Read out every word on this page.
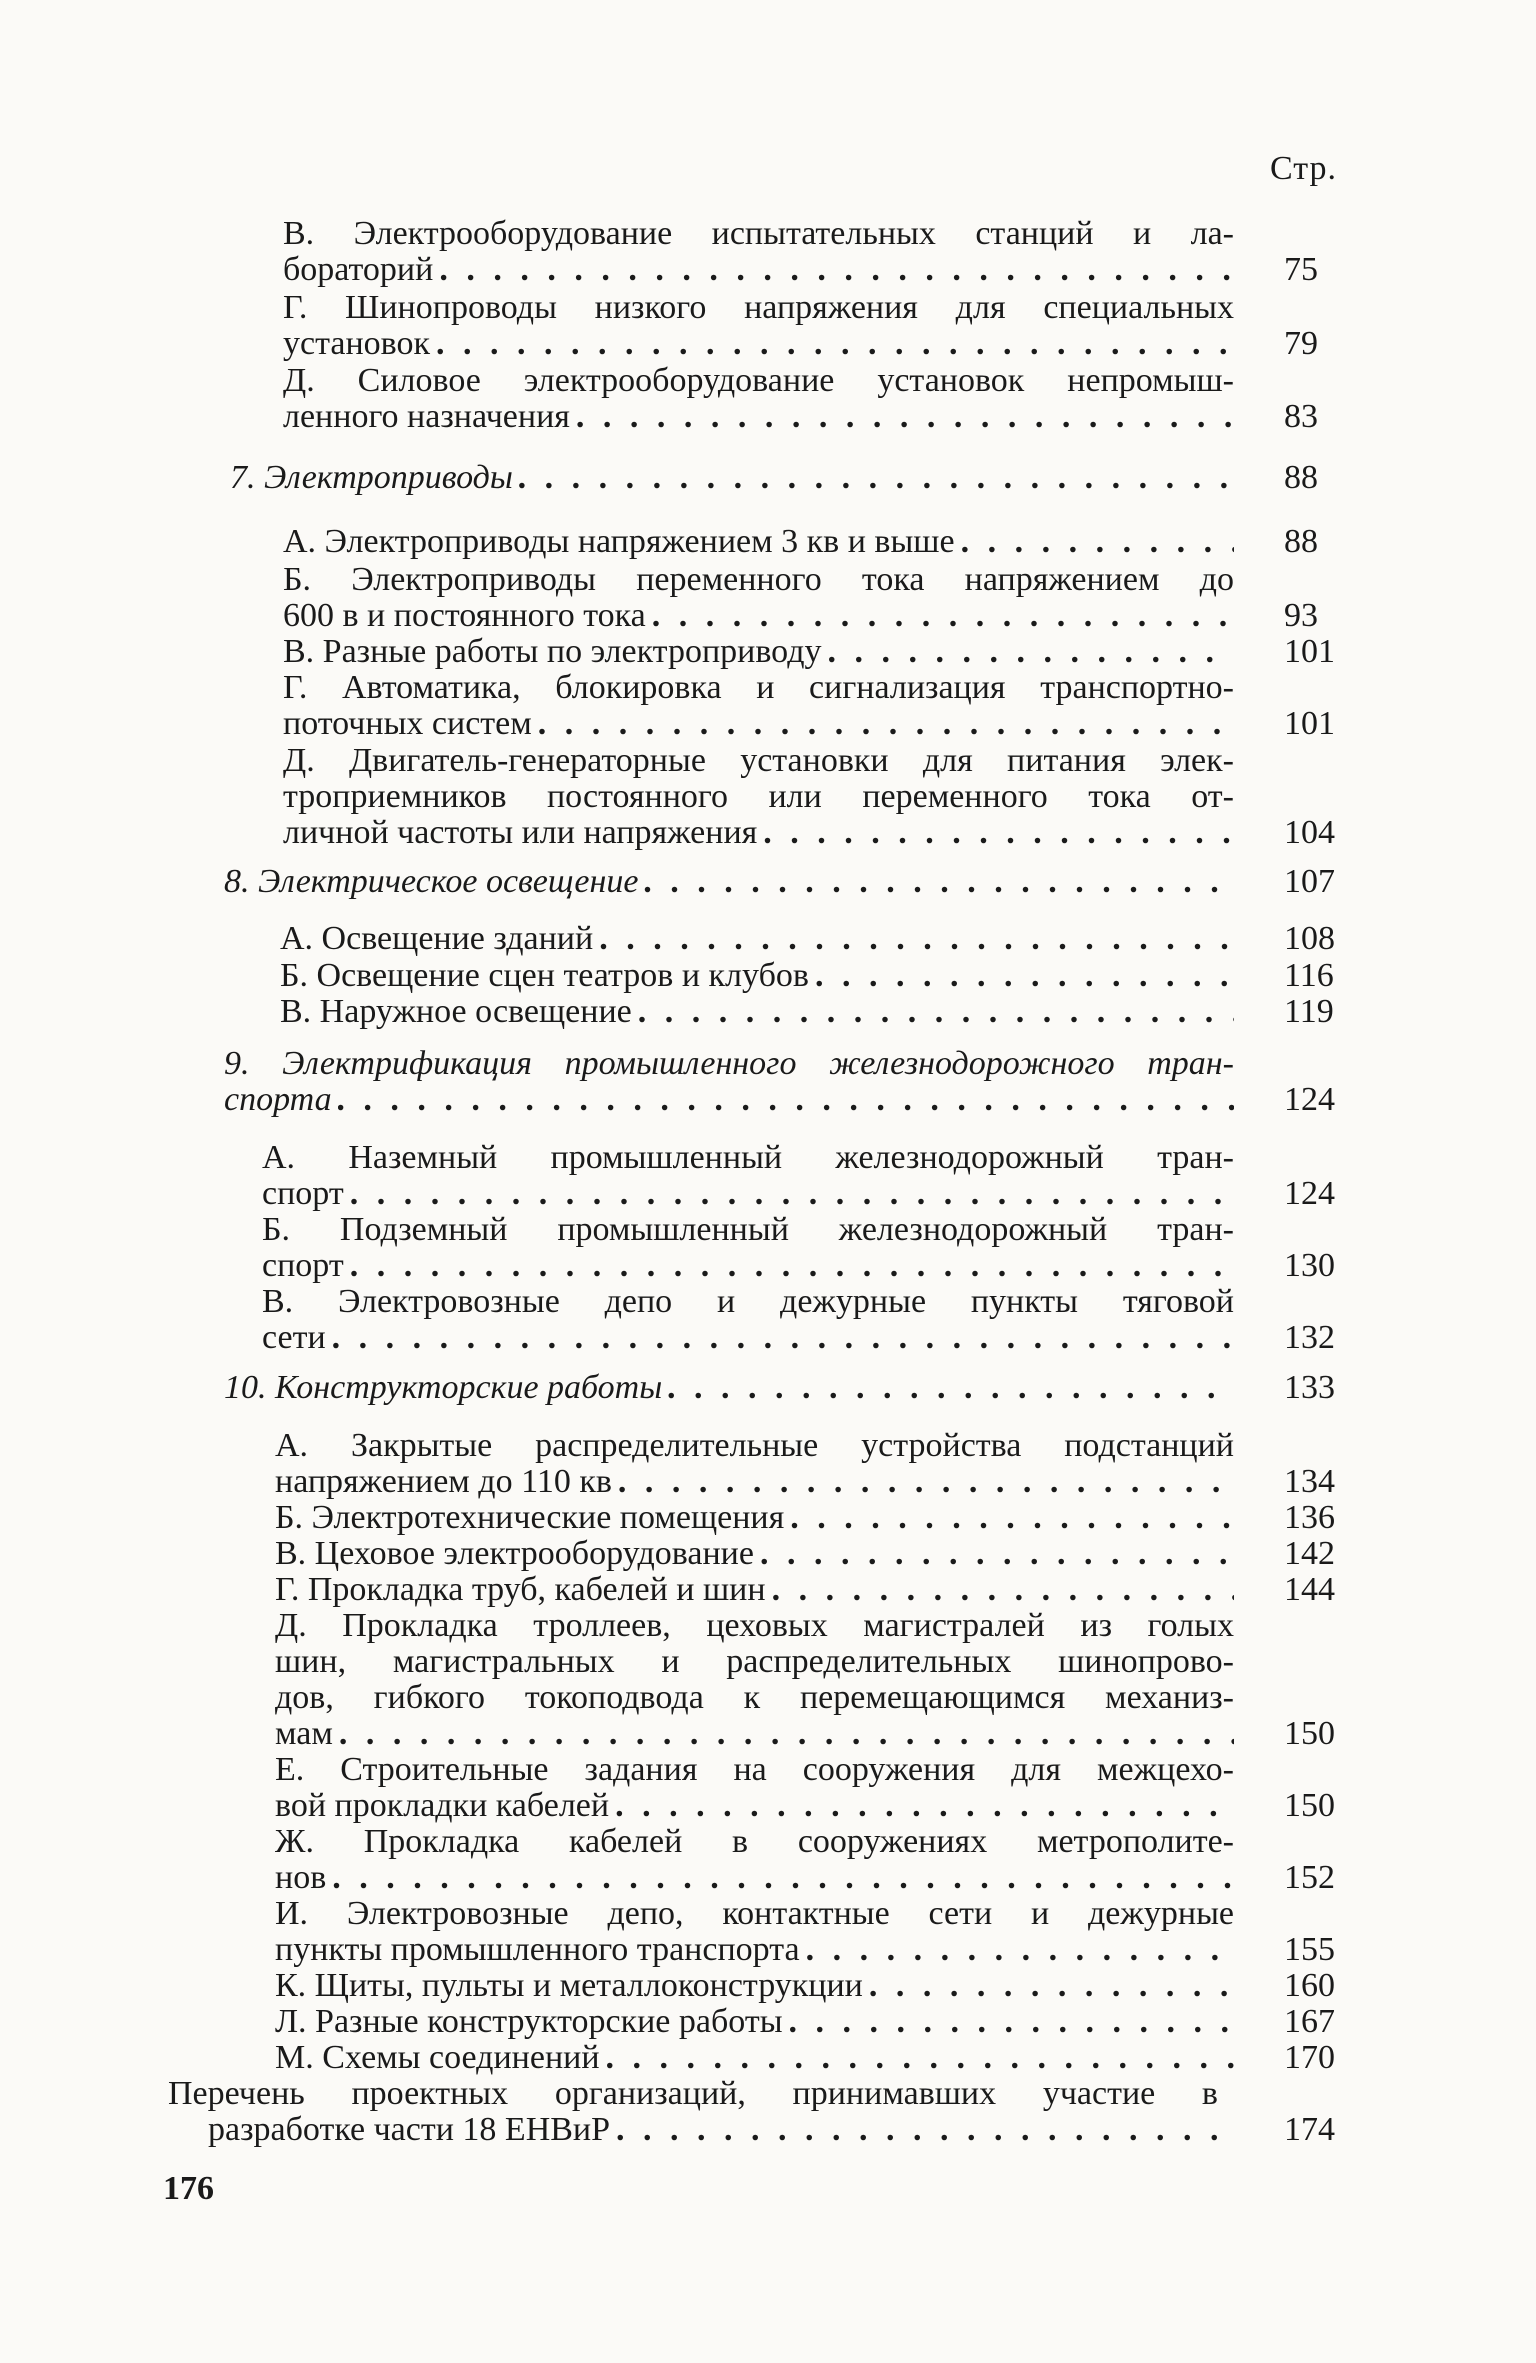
Стр.
В. Электрооборудование испытательных станций и ла-
бораторий . . .	75
Г. Шинопроводы низкого напряжения для специальных
установок . . .	79
Д. Силовое электрооборудование установок непромыш-
ленного назначения . . .	83
7. Электроприводы . . .	88
А. Электроприводы напряжением 3 кв и выше . . .	88
Б. Электроприводы переменного тока напряжением до
600 в и постоянного тока . . .	93
В. Разные работы по электроприводу . . .	101
Г. Автоматика, блокировка и сигнализация транспортно-
поточных систем . . .	101
Д. Двигатель-генераторные установки для питания элек-
троприемников постоянного или переменного тока от-
личной частоты или напряжения . . .	104
8. Электрическое освещение . . .	107
А. Освещение зданий . . .	108
Б. Освещение сцен театров и клубов . . .	116
В. Наружное освещение . . .	119
9. Электрификация промышленного железнодорожного тран-
спорта . . .	124
А. Наземный промышленный железнодорожный тран-
спорт . . .	124
Б. Подземный промышленный железнодорожный тран-
спорт . . .	130
В. Электровозные депо и дежурные пункты тяговой
сети . . .	132
10. Конструкторские работы . . .	133
А. Закрытые распределительные устройства подстанций
напряжением до 110 кв . . .	134
Б. Электротехнические помещения . . .	136
В. Цеховое электрооборудование . . .	142
Г. Прокладка труб, кабелей и шин . . .	144
Д. Прокладка троллеев, цеховых магистралей из голых
шин, магистральных и распределительных шинопрово-
дов, гибкого токоподвода к перемещающимся механиз-
мам . . .	150
Е. Строительные задания на сооружения для межцехо-
вой прокладки кабелей . . .	150
Ж. Прокладка кабелей в сооружениях метрополите-
нов . . .	152
И. Электровозные депо, контактные сети и дежурные
пункты промышленного транспорта . . .	155
К. Щиты, пульты и металлоконструкции . . .	160
Л. Разные конструкторские работы . . .	167
М. Схемы соединений . . .	170
Перечень проектных организаций, принимавших участие в
разработке части 18 ЕНВиР . . .	174
176
